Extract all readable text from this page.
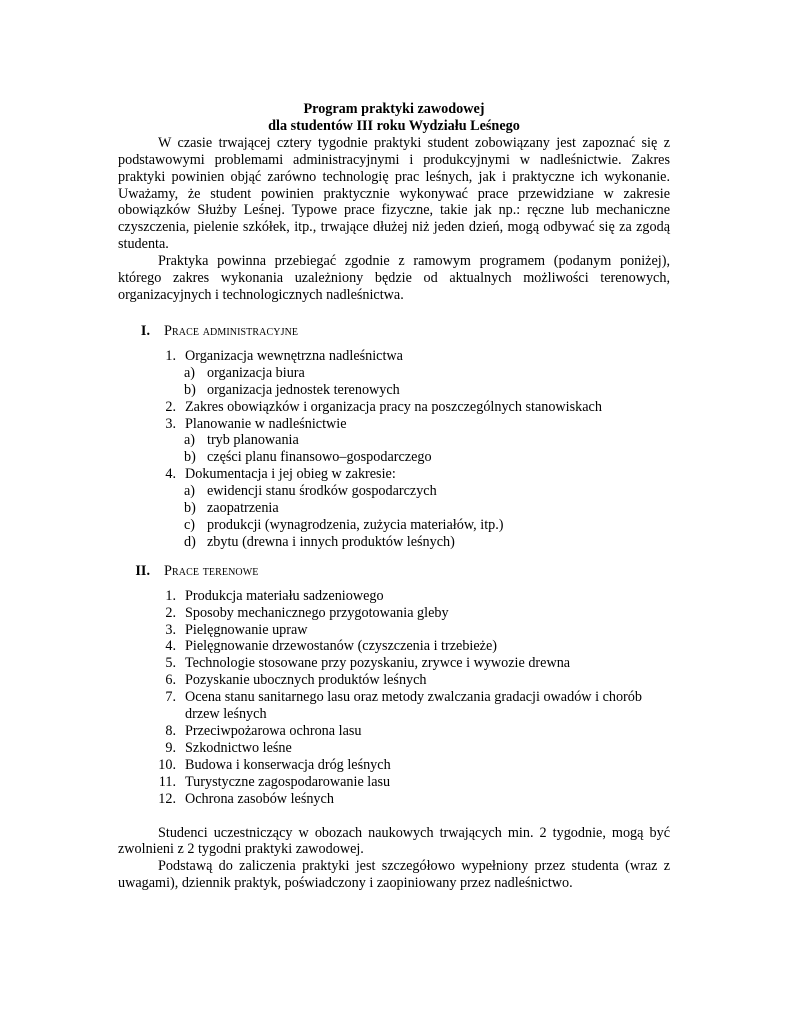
Program praktyki zawodowej
dla studentów III roku Wydziału Leśnego

W czasie trwającej cztery tygodnie praktyki student zobowiązany jest zapoznać się z podstawowymi problemami administracyjnymi i produkcyjnymi w nadleśnictwie. Zakres praktyki powinien objąć zarówno technologię prac leśnych, jak i praktyczne ich wykonanie. Uważamy, że student powinien praktycznie wykonywać prace przewidziane w zakresie obowiązków Służby Leśnej. Typowe prace fizyczne, takie jak np.: ręczne lub mechaniczne czyszczenia, pielenie szkółek, itp., trwające dłużej niż jeden dzień, mogą odbywać się za zgodą studenta.

Praktyka powinna przebiegać zgodnie z ramowym programem (podanym poniżej), którego zakres wykonania uzależniony będzie od aktualnych możliwości terenowych, organizacyjnych i technologicznych nadleśnictwa.

I. Prace administracyjne
1. Organizacja wewnętrzna nadleśnictwa
a) organizacja biura
b) organizacja jednostek terenowych
2. Zakres obowiązków i organizacja pracy na poszczególnych stanowiskach
3. Planowanie w nadleśnictwie
a) tryb planowania
b) części planu finansowo–gospodarczego
4. Dokumentacja i jej obieg w zakresie:
a) ewidencji stanu środków gospodarczych
b) zaopatrzenia
c) produkcji (wynagrodzenia, zużycia materiałów, itp.)
d) zbytu (drewna i innych produktów leśnych)
II. Prace terenowe
1. Produkcja materiału sadzeniowego
2. Sposoby mechanicznego przygotowania gleby
3. Pielęgnowanie upraw
4. Pielęgnowanie drzewostanów (czyszczenia i trzebieże)
5. Technologie stosowane przy pozyskaniu, zrywce i wywozie drewna
6. Pozyskanie ubocznych produktów leśnych
7. Ocena stanu sanitarnego lasu oraz metody zwalczania gradacji owadów i chorób drzew leśnych
8. Przeciwpożarowa ochrona lasu
9. Szkodnictwo leśne
10. Budowa i konserwacja dróg leśnych
11. Turystyczne zagospodarowanie lasu
12. Ochrona zasobów leśnych

Studenci uczestniczący w obozach naukowych trwających min. 2 tygodnie, mogą być zwolnieni z 2 tygodni praktyki zawodowej.

Podstawą do zaliczenia praktyki jest szczegółowo wypełniony przez studenta (wraz z uwagami), dziennik praktyk, poświadczony i zaopiniowany przez nadleśnictwo.
